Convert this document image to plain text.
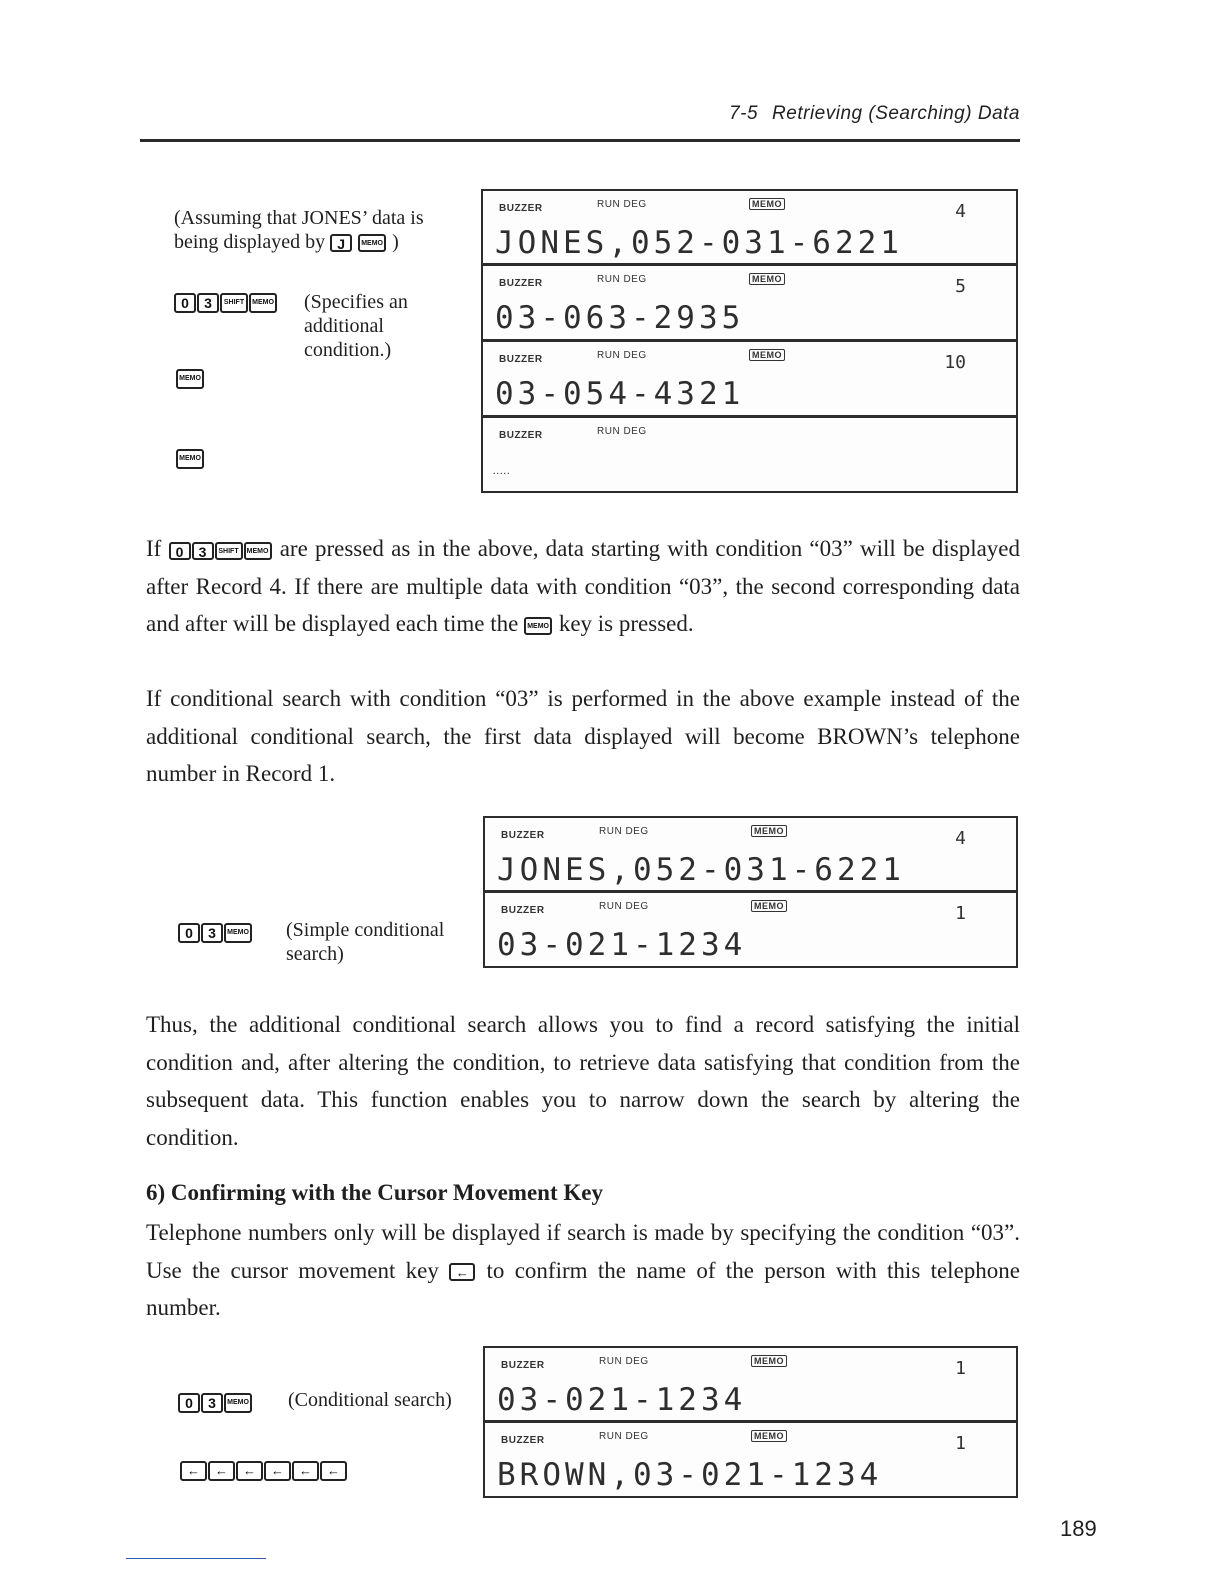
7-5 Retrieving (Searching) Data
(Assuming that JONES’ data is being displayed by J MEMO )
0 3 SHIFT MEMO (Specifies an additional condition.)
MEMO
MEMO
BUZZER	RUN DEG	MEMO	4
JONES,052-031-6221
BUZZER	RUN DEG	MEMO	5
03-063-2935
BUZZER	RUN DEG	MEMO	10
03-054-4321
BUZZER	RUN DEG
.....
If 0 3 SHIFT MEMO are pressed as in the above, data starting with condition “03” will be displayed after Record 4. If there are multiple data with condition “03”, the second corresponding data and after will be displayed each time the MEMO key is pressed.
If conditional search with condition “03” is performed in the above example instead of the additional conditional search, the first data displayed will become BROWN’s telephone number in Record 1.
0 3 MEMO (Simple conditional search)
BUZZER	RUN DEG	MEMO	4
JONES,052-031-6221
BUZZER	RUN DEG	MEMO	1
03-021-1234
Thus, the additional conditional search allows you to find a record satisfying the initial condition and, after altering the condition, to retrieve data satisfying that condition from the subsequent data. This function enables you to narrow down the search by altering the condition.
6) Confirming with the Cursor Movement Key
Telephone numbers only will be displayed if search is made by specifying the condition “03”. Use the cursor movement key ← to confirm the name of the person with this telephone number.
0 3 MEMO (Conditional search)
← ← ← ← ← ←
BUZZER	RUN DEG	MEMO	1
03-021-1234
BUZZER	RUN DEG	MEMO	1
BROWN,03-021-1234
189
